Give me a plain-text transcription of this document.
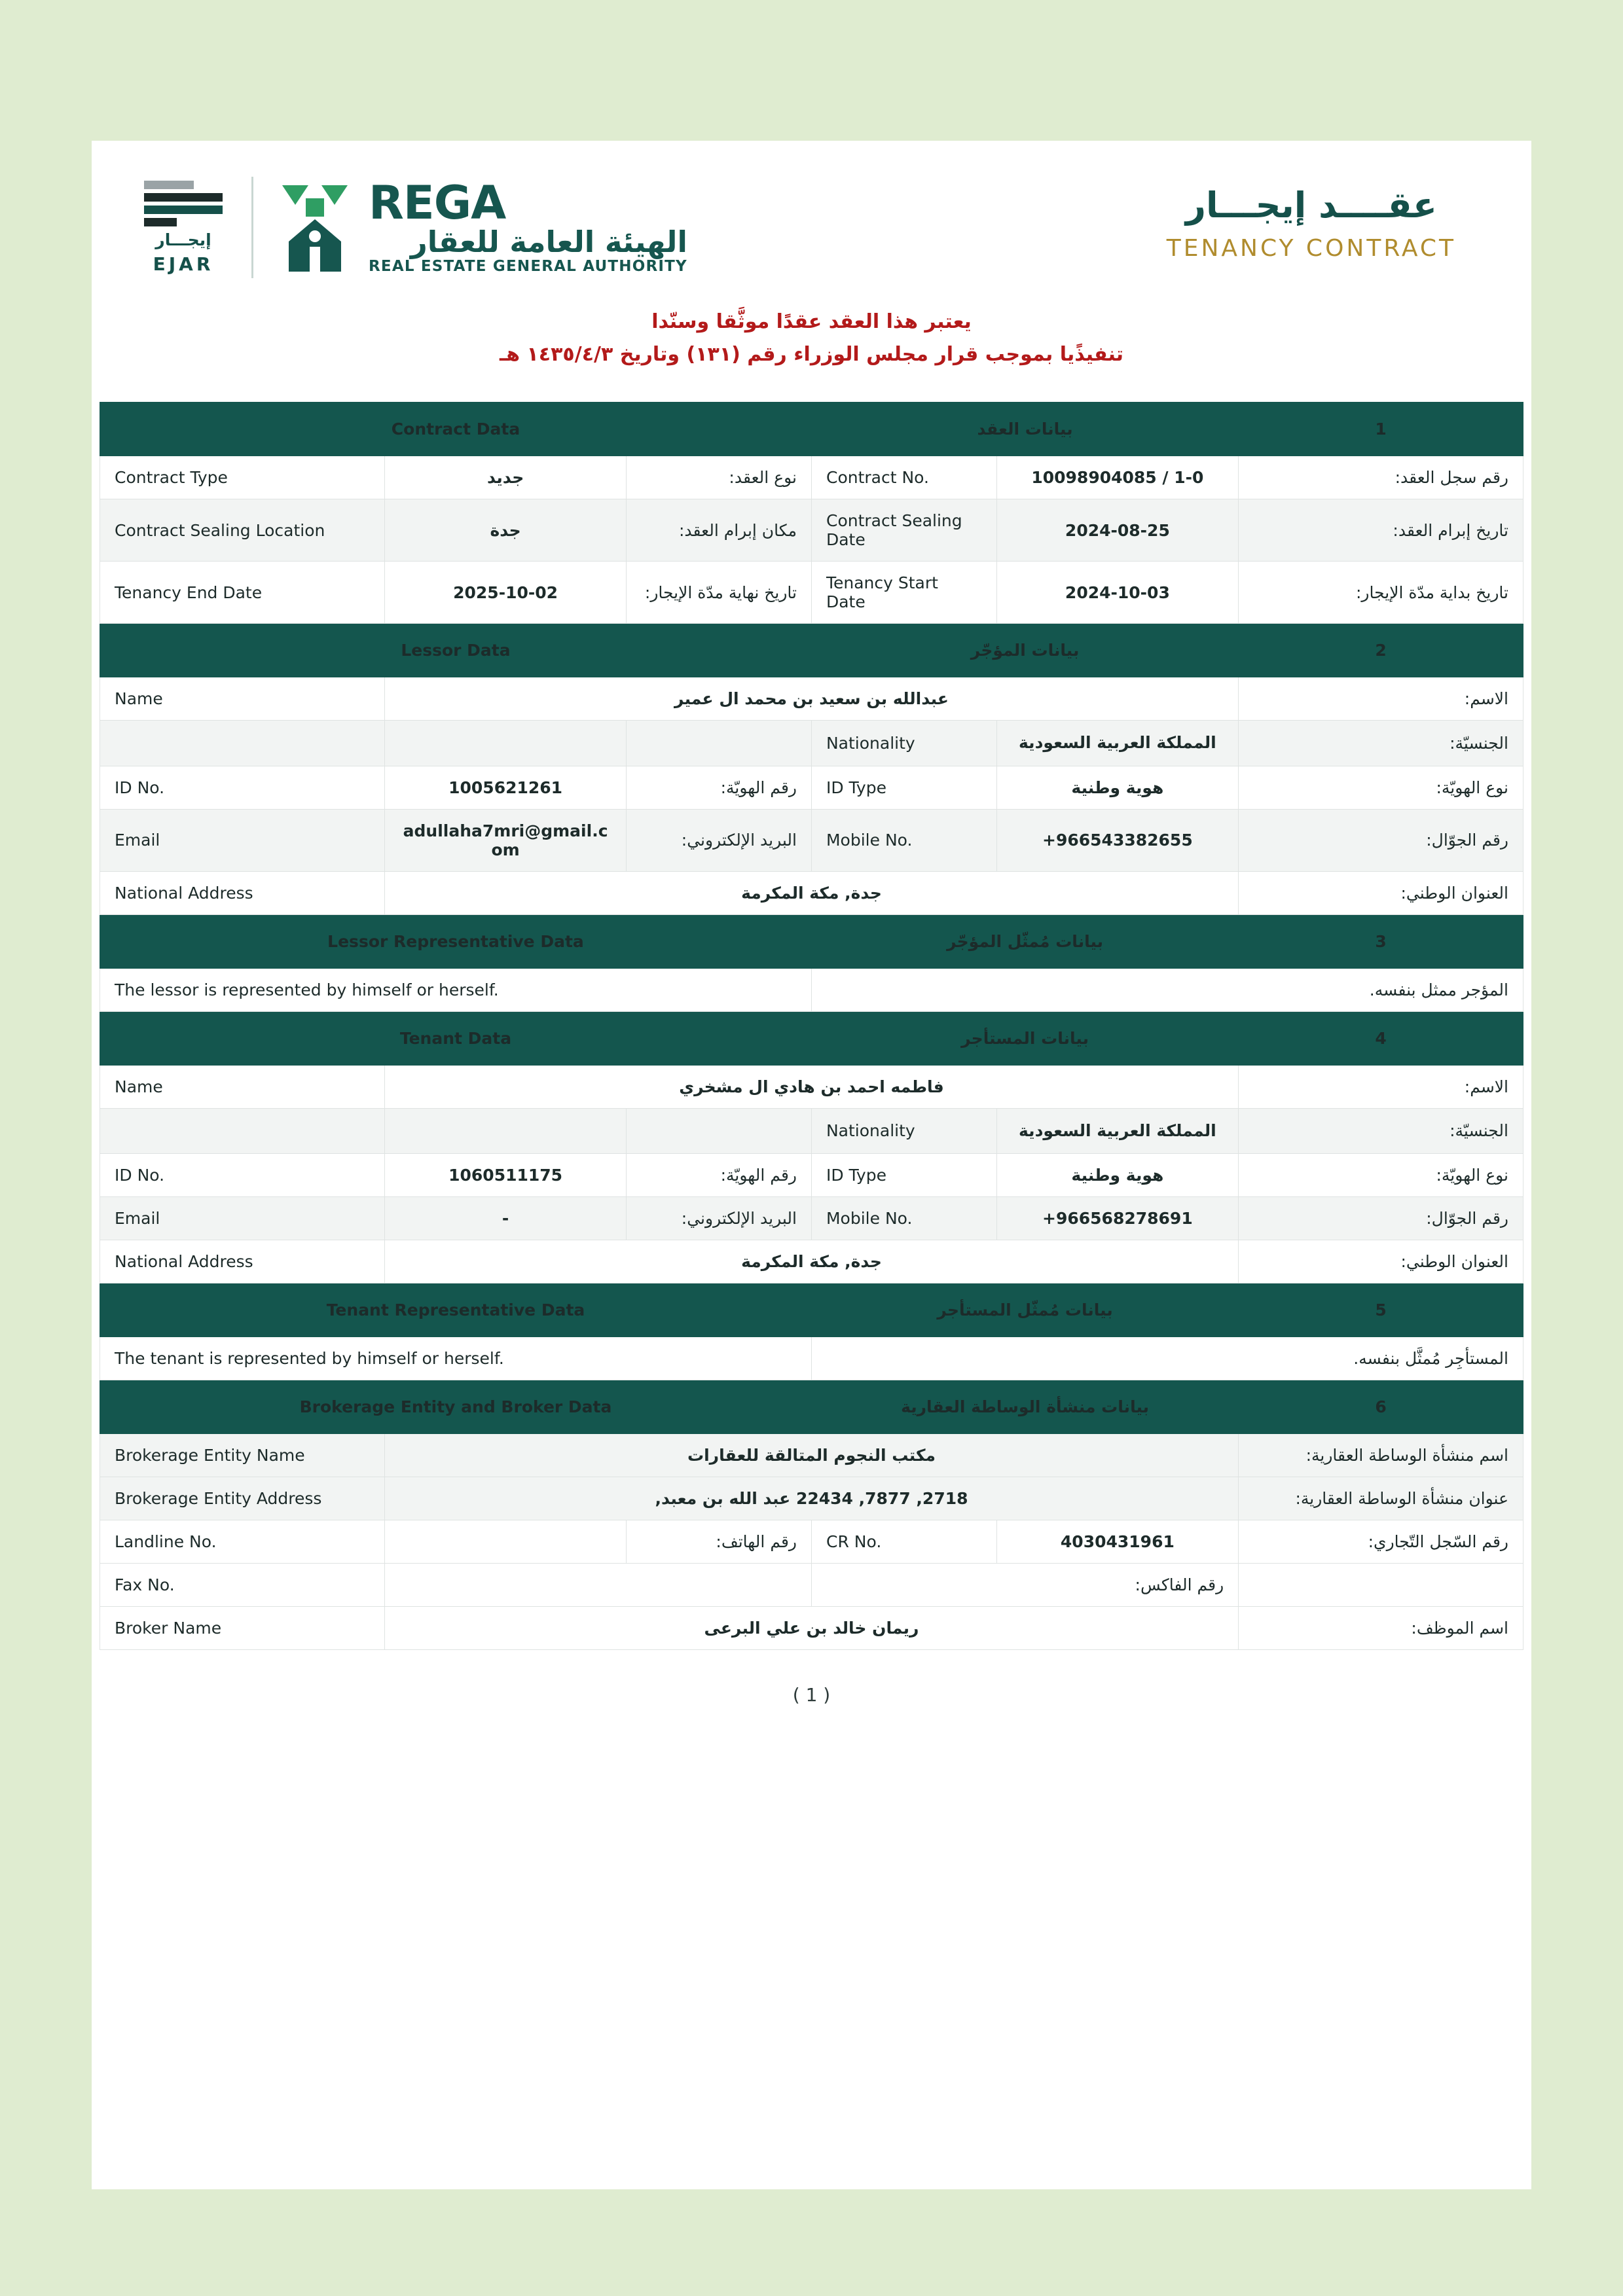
إيجـــار
EJAR
REGA
الهيئة العامة للعقار
REAL ESTATE GENERAL AUTHORITY
عقــــد إيجـــار
TENANCY CONTRACT
يعتبر هذا العقد عقدًا موثَّقا وسنّدا
تنفيذًيا بموجب قرار مجلس الوزراء رقم (١٣١) وتاريخ ١٤٣٥/٤/٣ هـ
Contract Data			بيانات العقد		1
Contract Type	جديد	نوع العقد:	Contract No.	10098904085 / 1-0	رقم سجل العقد:
Contract Sealing Location	جدة	مكان إبرام العقد:	Contract Sealing Date	2024-08-25	تاريخ إبرام العقد:
Tenancy End Date	2025-10-02	تاريخ نهاية مدّة الإيجار:	Tenancy Start Date	2024-10-03	تاريخ بداية مدّة الإيجار:
Lessor Data			بيانات المؤجّر		2
Name	عبدالله بن سعيد بن محمد ال عمير				الاسم:
			Nationality	المملكة العربية السعودية	الجنسيّة:
ID No.	1005621261	رقم الهويّة:	ID Type	هوية وطنية	نوع الهويّة:
Email	adullaha7mri@gmail.com	البريد الإلكتروني:	Mobile No.	+966543382655	رقم الجوّال:
National Address	جدة, مكة المكرمة				العنوان الوطني:
Lessor Representative Data			بيانات مُمثّل المؤجّر		3
The lessor is represented by himself or herself.			المؤجر ممثل بنفسه.		
Tenant Data			بيانات المستأجر		4
Name	فاطمه احمد بن هادي ال مشخري				الاسم:
			Nationality	المملكة العربية السعودية	الجنسيّة:
ID No.	1060511175	رقم الهويّة:	ID Type	هوية وطنية	نوع الهويّة:
Email	-	البريد الإلكتروني:	Mobile No.	+966568278691	رقم الجوّال:
National Address	جدة, مكة المكرمة				العنوان الوطني:
Tenant Representative Data			بيانات مُمثّل المستأجر		5
The tenant is represented by himself or herself.			المستأجِر مُمثَّل بنفسه.		
Brokerage Entity and Broker Data			بيانات منشأة الوساطة العقارية		6
Brokerage Entity Name	مكتب النجوم المتالقة للعقارات				اسم منشأة الوساطة العقارية:
Brokerage Entity Address	2718, 7877, 22434 عبد الله بن معبد,				عنوان منشأة الوساطة العقارية:
Landline No.		رقم الهاتف:	CR No.	4030431961	رقم السّجل التّجاري:
Fax No.			رقم الفاكس:		
Broker Name	ريمان خالد بن علي البرعى				اسم الموظف:
( 1 )
